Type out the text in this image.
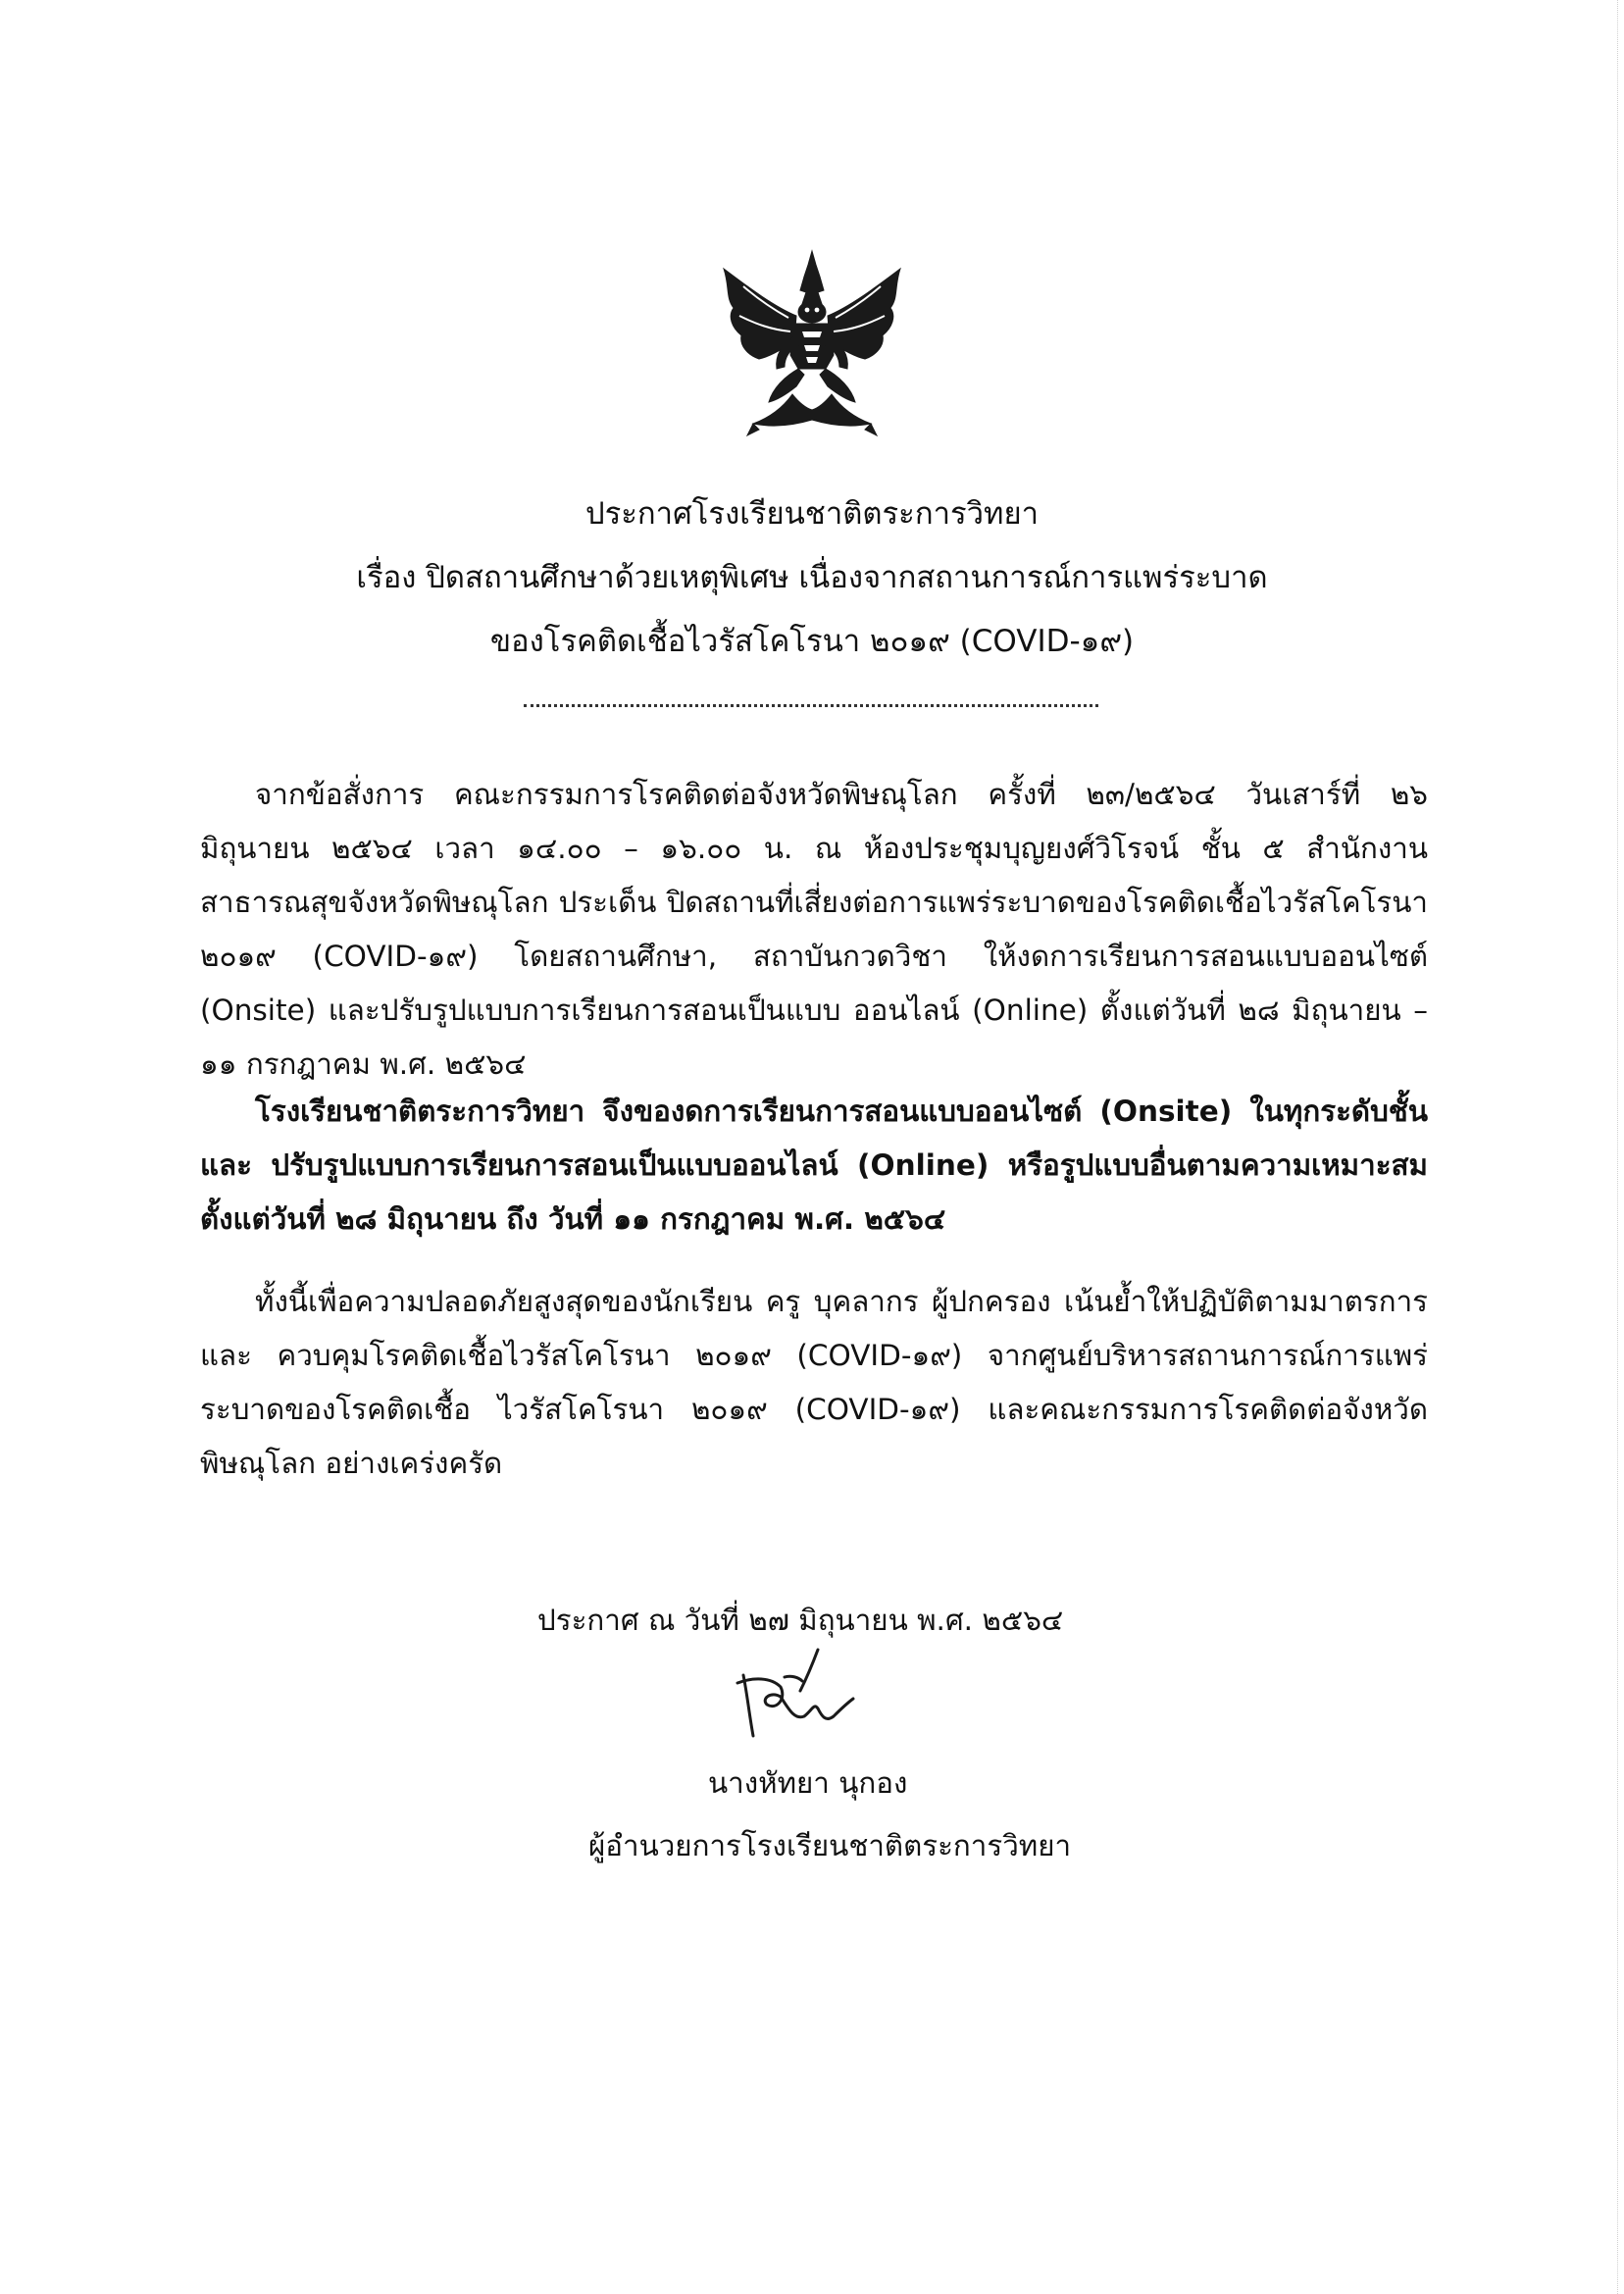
ประกาศโรงเรียนชาติตระการวิทยา
เรื่อง ปิดสถานศึกษาด้วยเหตุพิเศษ เนื่องจากสถานการณ์การแพร่ระบาด
ของโรคติดเชื้อไวรัสโคโรนา ๒๐๑๙ (COVID-๑๙)

จากข้อสั่งการ คณะกรรมการโรคติดต่อจังหวัดพิษณุโลก ครั้งที่ ๒๓/๒๕๖๔ วันเสาร์ที่ ๒๖ มิถุนายน ๒๕๖๔ เวลา ๑๔.๐๐ – ๑๖.๐๐ น. ณ ห้องประชุมบุญยงศ์วิโรจน์ ชั้น ๕ สำนักงานสาธารณสุขจังหวัดพิษณุโลก ประเด็น ปิดสถานที่เสี่ยงต่อการแพร่ระบาดของโรคติดเชื้อไวรัสโคโรนา ๒๐๑๙ (COVID-๑๙) โดยสถานศึกษา, สถาบันกวดวิชา ให้งดการเรียนการสอนแบบออนไซต์ (Onsite) และปรับรูปแบบการเรียนการสอนเป็นแบบ ออนไลน์ (Online) ตั้งแต่วันที่ ๒๘ มิถุนายน – ๑๑ กรกฎาคม พ.ศ. ๒๕๖๔

โรงเรียนชาติตระการวิทยา จึงของดการเรียนการสอนแบบออนไซต์ (Onsite) ในทุกระดับชั้น และ ปรับรูปแบบการเรียนการสอนเป็นแบบออนไลน์ (Online) หรือรูปแบบอื่นตามความเหมาะสม ตั้งแต่วันที่ ๒๘ มิถุนายน ถึง วันที่ ๑๑ กรกฎาคม พ.ศ. ๒๕๖๔

ทั้งนี้เพื่อความปลอดภัยสูงสุดของนักเรียน ครู บุคลากร ผู้ปกครอง เน้นย้ำให้ปฏิบัติตามมาตรการและ ควบคุมโรคติดเชื้อไวรัสโคโรนา ๒๐๑๙ (COVID-๑๙) จากศูนย์บริหารสถานการณ์การแพร่ระบาดของโรคติดเชื้อ ไวรัสโคโรนา ๒๐๑๙ (COVID-๑๙) และคณะกรรมการโรคติดต่อจังหวัดพิษณุโลก อย่างเคร่งครัด

ประกาศ ณ วันที่ ๒๗ มิถุนายน พ.ศ. ๒๕๖๔
นางหัทยา นุกอง
ผู้อำนวยการโรงเรียนชาติตระการวิทยา
